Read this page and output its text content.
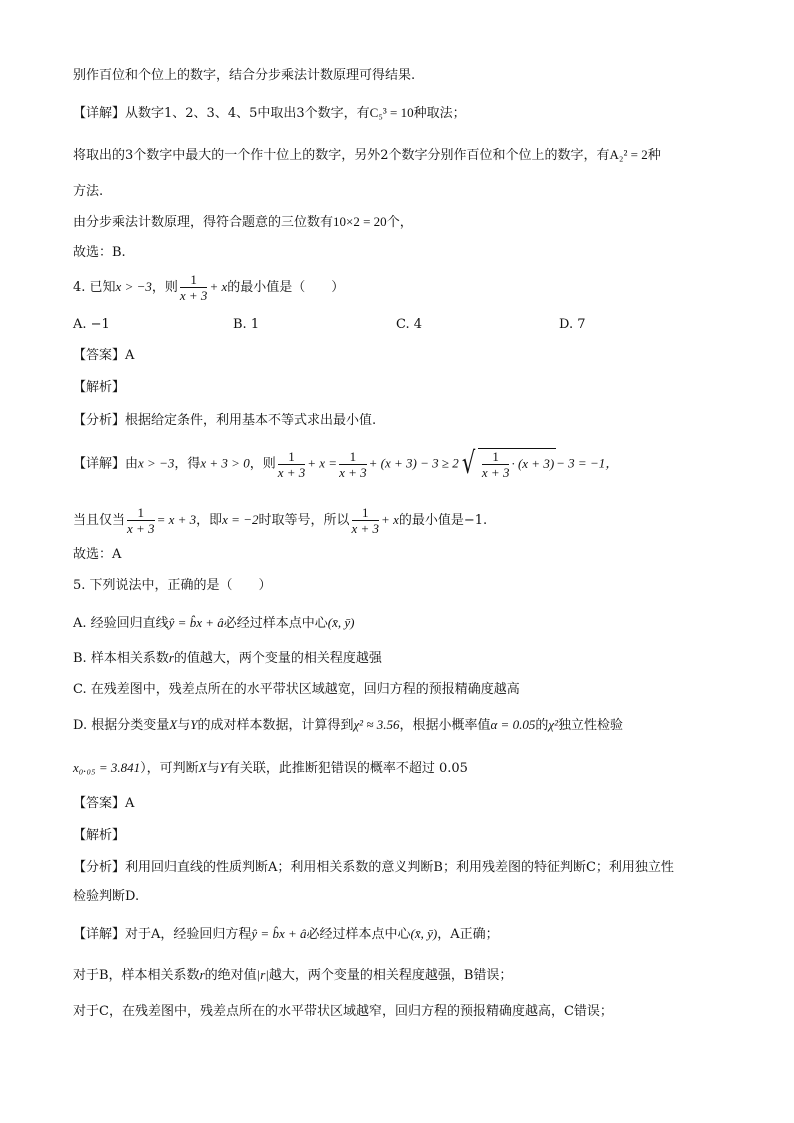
别作百位和个位上的数字，结合分步乘法计数原理可得结果.
【详解】从数字1、2、3、4、5中取出3个数字，有C₅³ = 10种取法；
将取出的3个数字中最大的一个作十位上的数字，另外2个数字分别作百位和个位上的数字，有A₂² = 2种
方法.
由分步乘法计数原理，得符合题意的三位数有10×2 = 20个，
故选：B.
4. 已知x > −3，则 $\frac{1}{x + 3} + x$的最小值是（　　）
A. −1	B. 1	C. 4	D. 7
【答案】A
【解析】
【分析】根据给定条件，利用基本不等式求出最小值.
【详解】由x > −3，得x + 3 > 0，则 $\frac{1}{x + 3} + x = \frac{1}{x + 3} + (x + 3) - 3 \ge 2√ \frac{1}{x + 3} \cdot (x + 3) - 3 = -1$，
当且仅当 $\frac{1}{x + 3} = x + 3$，即x = −2时取等号，所以 $\frac{1}{x + 3} + x$的最小值是−1.
故选：A
5. 下列说法中，正确的是（　　）
A. 经验回归直线ŷ = b̂x + â必经过样本点中心(x̄, ȳ)
B. 样本相关系数r的值越大，两个变量的相关程度越强
C. 在残差图中，残差点所在的水平带状区域越宽，回归方程的预报精确度越高
D. 根据分类变量X与Y的成对样本数据，计算得到χ² ≈ 3.56，根据小概率值α = 0.05的χ²独立性检验
x₀.₀₅ = 3.841），可判断X与Y有关联，此推断犯错误的概率不超过 0.05
【答案】A
【解析】
【分析】利用回归直线的性质判断A；利用相关系数的意义判断B；利用残差图的特征判断C；利用独立性
检验判断D.
【详解】对于A，经验回归方程ŷ = b̂x + â必经过样本点中心(x̄, ȳ)，A正确；
对于B，样本相关系数r的绝对值|r|越大，两个变量的相关程度越强，B错误；
对于C，在残差图中，残差点所在的水平带状区域越窄，回归方程的预报精确度越高，C错误；
